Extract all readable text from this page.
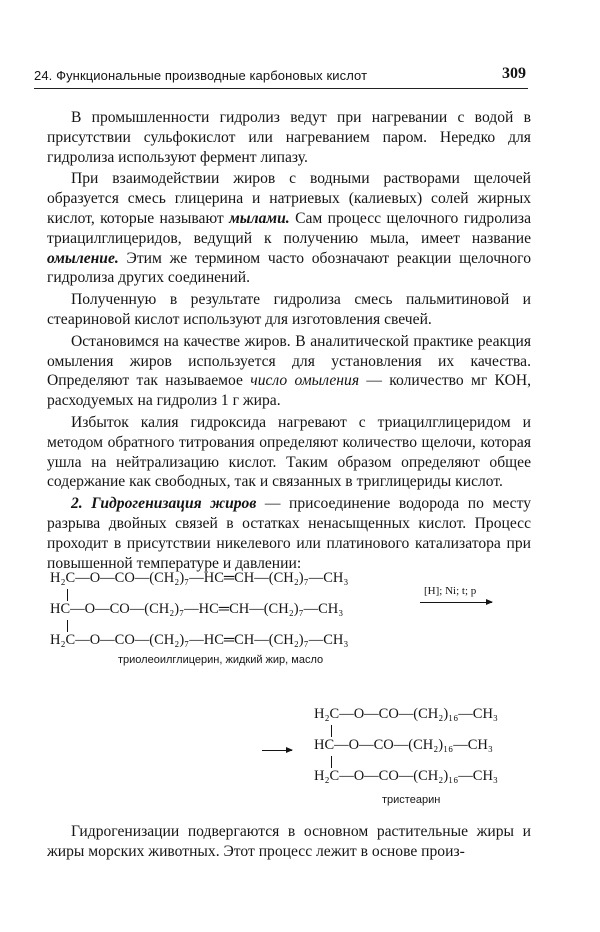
24. Функциональные производные карбоновых кислот	309

В промышленности гидролиз ведут при нагревании с водой в присутствии сульфокислот или нагреванием паром. Нередко для гидролиза используют фермент липазу.

При взаимодействии жиров с водными растворами щелочей образуется смесь глицерина и натриевых (калиевых) солей жирных кислот, которые называют мылами. Сам процесс щелочного гидролиза триацилглицеридов, ведущий к получению мыла, имеет название омыление. Этим же термином часто обозначают реакции щелочного гидролиза других соединений.

Полученную в результате гидролиза смесь пальмитиновой и стеариновой кислот используют для изготовления свечей.

Остановимся на качестве жиров. В аналитической практике реакция омыления жиров используется для установления их качества. Определяют так называемое число омыления — количество мг КОН, расходуемых на гидролиз 1 г жира.

Избыток калия гидроксида нагревают с триацилглицеридом и методом обратного титрования определяют количество щелочи, которая ушла на нейтрализацию кислот. Таким образом определяют общее содержание как свободных, так и связанных в триглицериды кислот.

2. Гидрогенизация жиров — присоединение водорода по месту разрыва двойных связей в остатках ненасыщенных кислот. Процесс проходит в присутствии никелевого или платинового катализатора при повышенной температуре и давлении:

H₂C—O—CO—(CH₂)₇—HC═CH—(CH₂)₇—CH₃
HC—O—CO—(CH₂)₇—HC═CH—(CH₂)₇—CH₃
H₂C—O—CO—(CH₂)₇—HC═CH—(CH₂)₇—CH₃
[H]; Ni; t; p
триолеоилглицерин, жидкий жир, масло
H₂C—O—CO—(CH₂)₁₆—CH₃
HC—O—CO—(CH₂)₁₆—CH₃
H₂C—O—CO—(CH₂)₁₆—CH₃
тристеарин

Гидрогенизации подвергаются в основном растительные жиры и жиры морских животных. Этот процесс лежит в основе произ-
